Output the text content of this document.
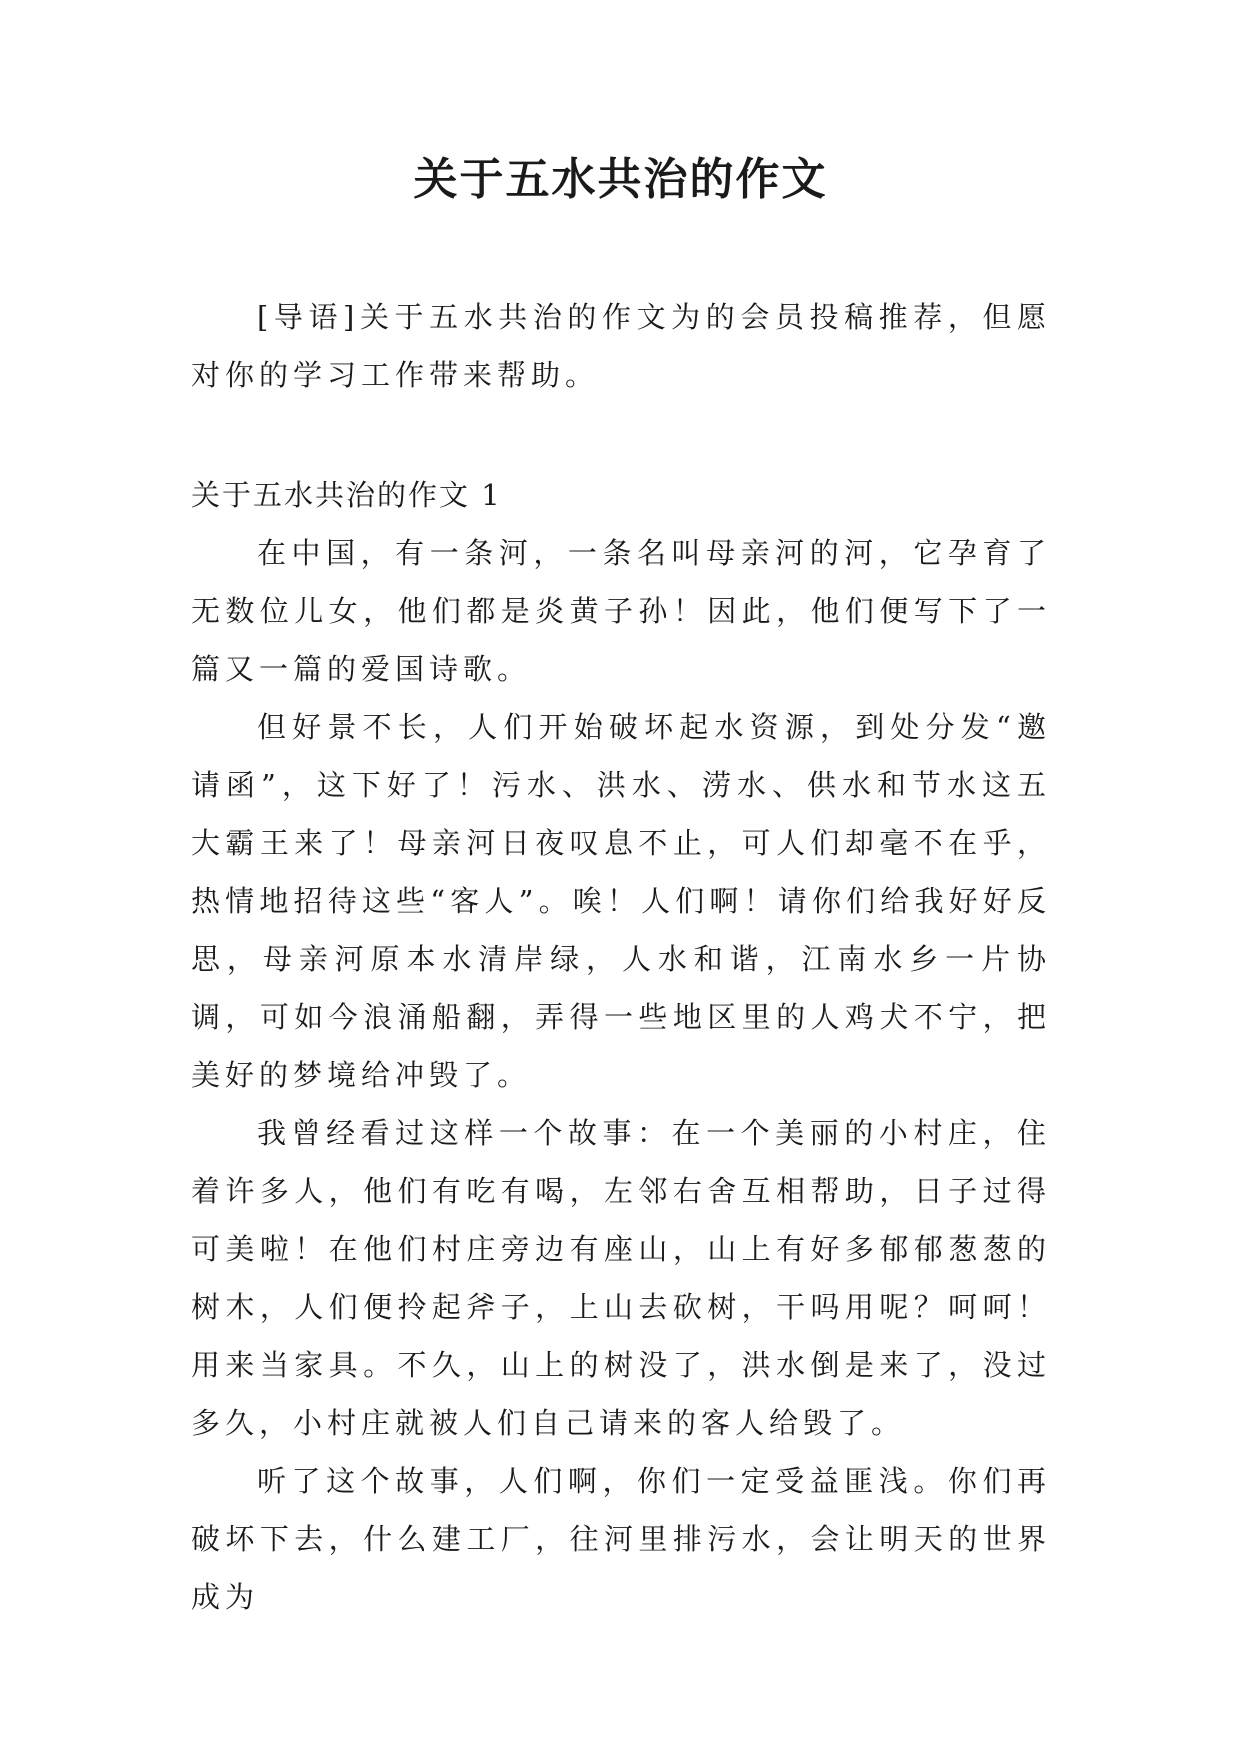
关于五水共治的作文

[导语]关于五水共治的作文为的会员投稿推荐，但愿对你的学习工作带来帮助。

关于五水共治的作文 1

在中国，有一条河，一条名叫母亲河的河，它孕育了无数位儿女，他们都是炎黄子孙！因此，他们便写下了一篇又一篇的爱国诗歌。

但好景不长，人们开始破坏起水资源，到处分发“邀请函”，这下好了！污水、洪水、涝水、供水和节水这五大霸王来了！母亲河日夜叹息不止，可人们却毫不在乎，热情地招待这些“客人”。唉！人们啊！请你们给我好好反思，母亲河原本水清岸绿，人水和谐，江南水乡一片协调，可如今浪涌船翻，弄得一些地区里的人鸡犬不宁，把美好的梦境给冲毁了。

我曾经看过这样一个故事：在一个美丽的小村庄，住着许多人，他们有吃有喝，左邻右舍互相帮助，日子过得可美啦！在他们村庄旁边有座山，山上有好多郁郁葱葱的树木，人们便拎起斧子，上山去砍树，干吗用呢？呵呵！用来当家具。不久，山上的树没了，洪水倒是来了，没过多久，小村庄就被人们自己请来的客人给毁了。

听了这个故事，人们啊，你们一定受益匪浅。你们再破坏下去，什么建工厂，往河里排污水，会让明天的世界成为
